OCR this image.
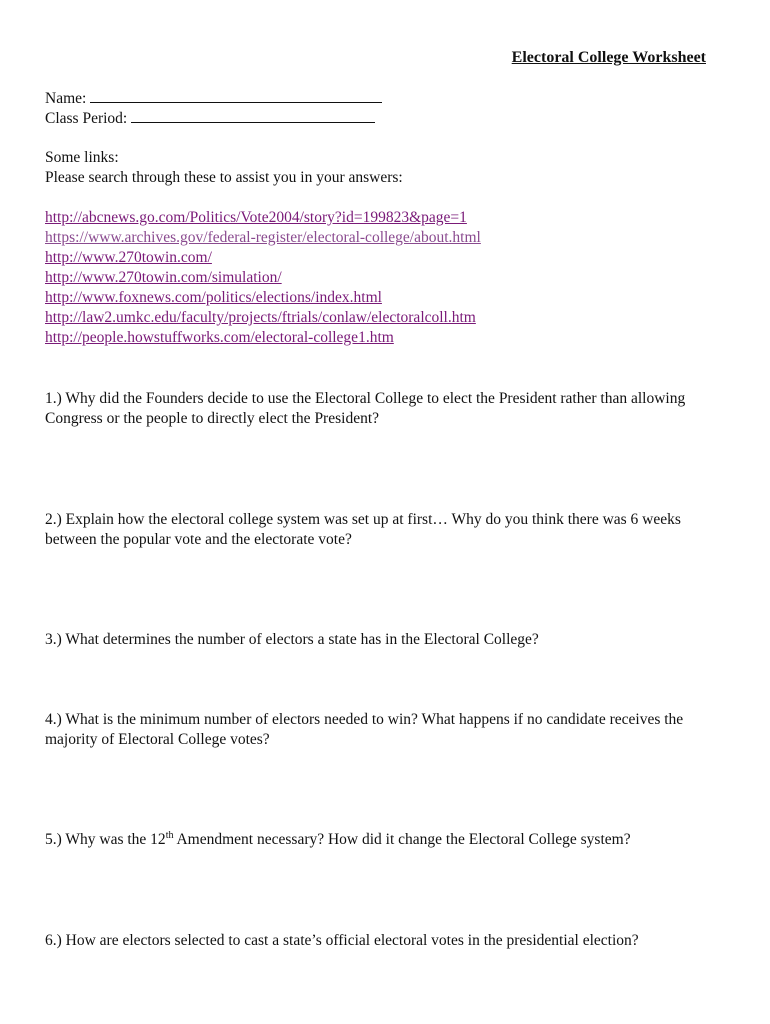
Electoral College Worksheet
Name:
Class Period:
Some links:
Please search through these to assist you in your answers:
http://abcnews.go.com/Politics/Vote2004/story?id=199823&page=1
https://www.archives.gov/federal-register/electoral-college/about.html
http://www.270towin.com/
http://www.270towin.com/simulation/
http://www.foxnews.com/politics/elections/index.html
http://law2.umkc.edu/faculty/projects/ftrials/conlaw/electoralcoll.htm
http://people.howstuffworks.com/electoral-college1.htm
1.) Why did the Founders decide to use the Electoral College to elect the President rather than allowing Congress or the people to directly elect the President?
2.) Explain how the electoral college system was set up at first… Why do you think there was 6 weeks between the popular vote and the electorate vote?
3.) What determines the number of electors a state has in the Electoral College?
4.) What is the minimum number of electors needed to win? What happens if no candidate receives the majority of Electoral College votes?
5.) Why was the 12th Amendment necessary? How did it change the Electoral College system?
6.) How are electors selected to cast a state’s official electoral votes in the presidential election?
